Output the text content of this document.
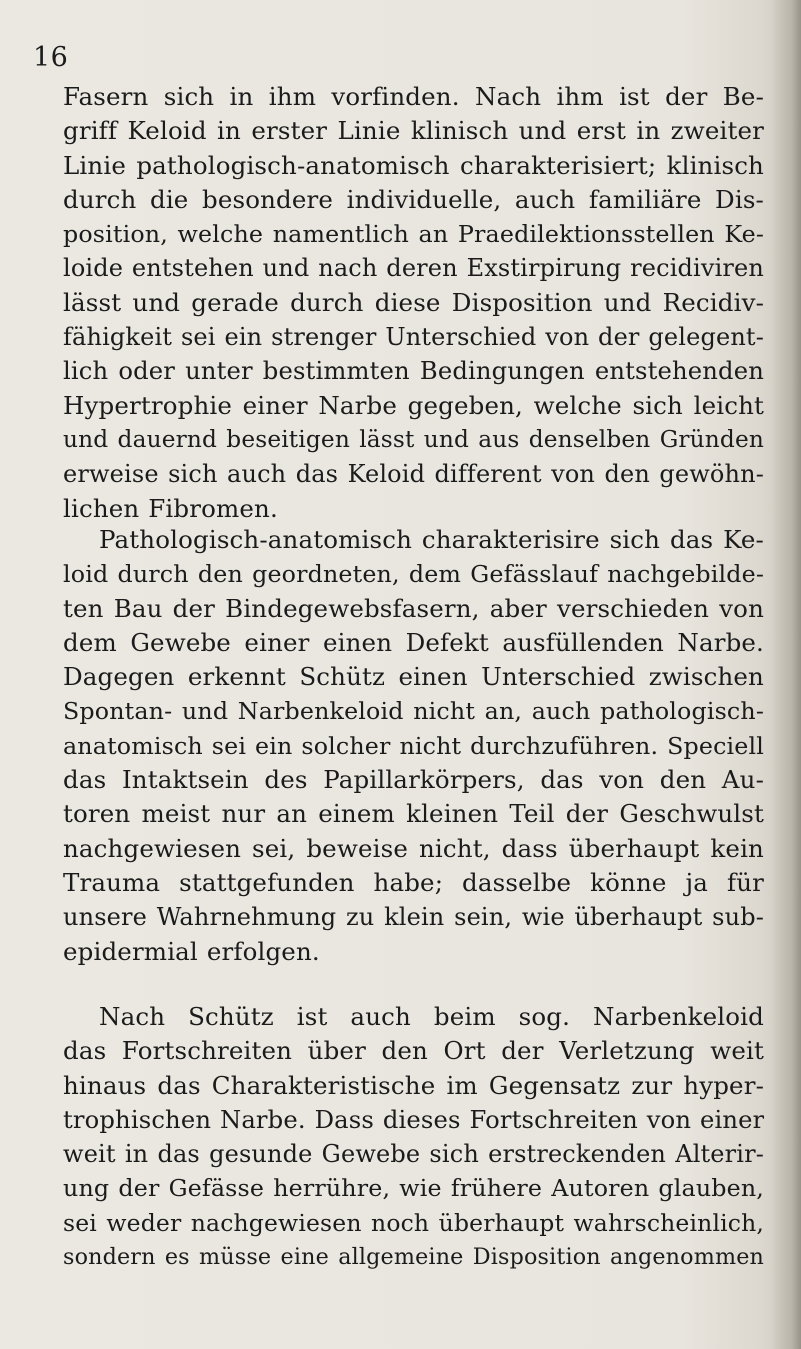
16
Fasern sich in ihm vorfinden. Nach ihm ist der Be-
griff Keloid in erster Linie klinisch und erst in zweiter
Linie pathologisch-anatomisch charakterisiert; klinisch
durch die besondere individuelle, auch familiäre Dis-
position, welche namentlich an Praedilektionsstellen Ke-
loide entstehen und nach deren Exstirpirung recidiviren
lässt und gerade durch diese Disposition und Recidiv-
fähigkeit sei ein strenger Unterschied von der gelegent-
lich oder unter bestimmten Bedingungen entstehenden
Hypertrophie einer Narbe gegeben, welche sich leicht
und dauernd beseitigen lässt und aus denselben Gründen
erweise sich auch das Keloid different von den gewöhn-
lichen Fibromen.
Pathologisch-anatomisch charakterisire sich das Ke-
loid durch den geordneten, dem Gefässlauf nachgebilde-
ten Bau der Bindegewebsfasern, aber verschieden von
dem Gewebe einer einen Defekt ausfüllenden Narbe.
Dagegen erkennt Schütz einen Unterschied zwischen
Spontan- und Narbenkeloid nicht an, auch pathologisch-
anatomisch sei ein solcher nicht durchzuführen. Speciell
das Intaktsein des Papillarkörpers, das von den Au-
toren meist nur an einem kleinen Teil der Geschwulst
nachgewiesen sei, beweise nicht, dass überhaupt kein
Trauma stattgefunden habe; dasselbe könne ja für
unsere Wahrnehmung zu klein sein, wie überhaupt sub-
epidermial erfolgen.
Nach Schütz ist auch beim sog. Narbenkeloid
das Fortschreiten über den Ort der Verletzung weit
hinaus das Charakteristische im Gegensatz zur hyper-
trophischen Narbe. Dass dieses Fortschreiten von einer
weit in das gesunde Gewebe sich erstreckenden Alterir-
ung der Gefässe herrühre, wie frühere Autoren glauben,
sei weder nachgewiesen noch überhaupt wahrscheinlich,
sondern es müsse eine allgemeine Disposition angenommen
